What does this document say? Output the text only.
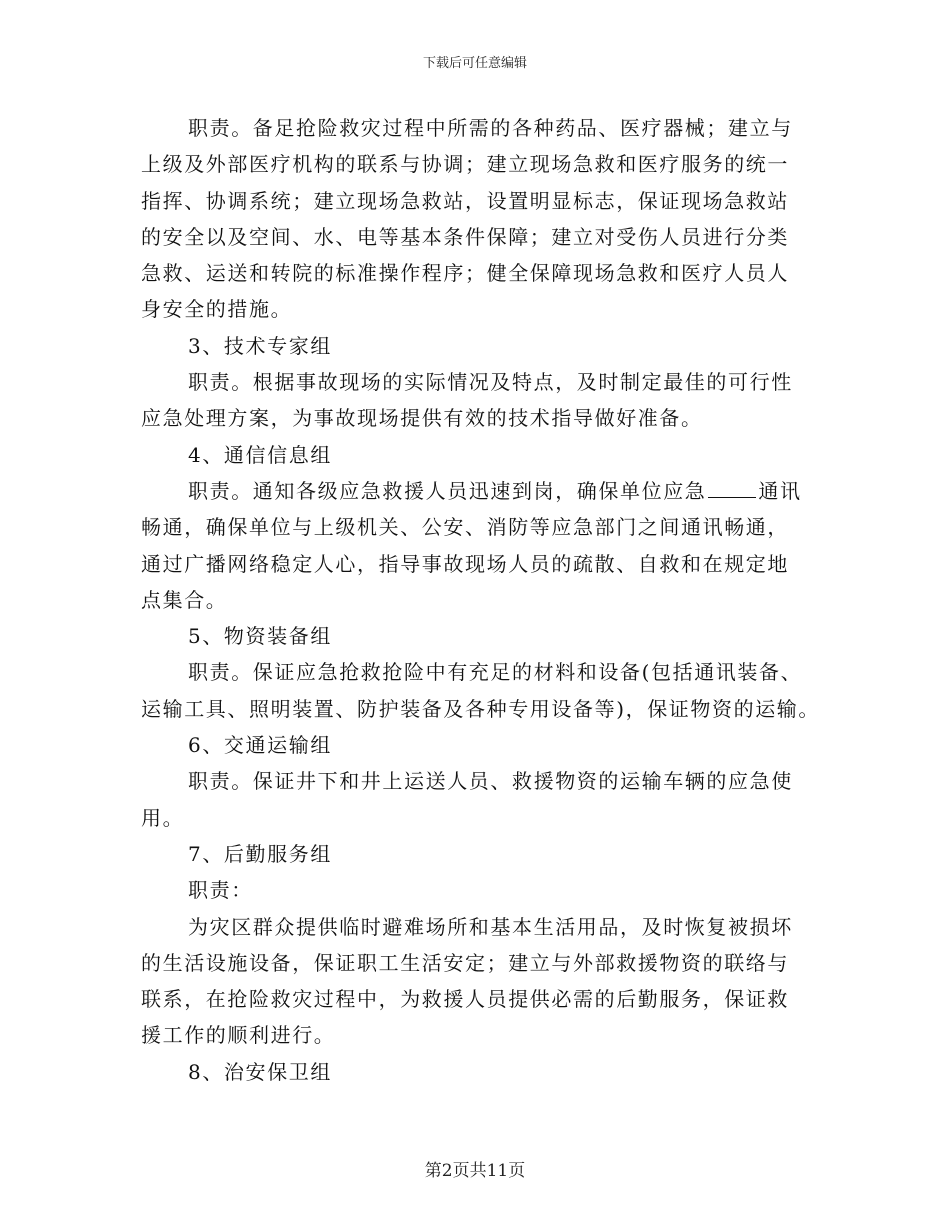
下载后可任意编辑
职责。备足抢险救灾过程中所需的各种药品、医疗器械；建立与
上级及外部医疗机构的联系与协调；建立现场急救和医疗服务的统一
指挥、协调系统；建立现场急救站，设置明显标志，保证现场急救站
的安全以及空间、水、电等基本条件保障；建立对受伤人员进行分类
急救、运送和转院的标准操作程序；健全保障现场急救和医疗人员人
身安全的措施。
3、技术专家组
职责。根据事故现场的实际情况及特点，及时制定最佳的可行性
应急处理方案，为事故现场提供有效的技术指导做好准备。
4、通信信息组
职责。通知各级应急救援人员迅速到岗，确保单位应急	通讯
畅通，确保单位与上级机关、公安、消防等应急部门之间通讯畅通，
通过广播网络稳定人心，指导事故现场人员的疏散、自救和在规定地
点集合。
5、物资装备组
职责。保证应急抢救抢险中有充足的材料和设备(包括通讯装备、
运输工具、照明装置、防护装备及各种专用设备等)，保证物资的运输。
6、交通运输组
职责。保证井下和井上运送人员、救援物资的运输车辆的应急使
用。
7、后勤服务组
职责：
为灾区群众提供临时避难场所和基本生活用品，及时恢复被损坏
的生活设施设备，保证职工生活安定；建立与外部救援物资的联络与
联系，在抢险救灾过程中，为救援人员提供必需的后勤服务，保证救
援工作的顺利进行。
8、治安保卫组
第2页共11页
